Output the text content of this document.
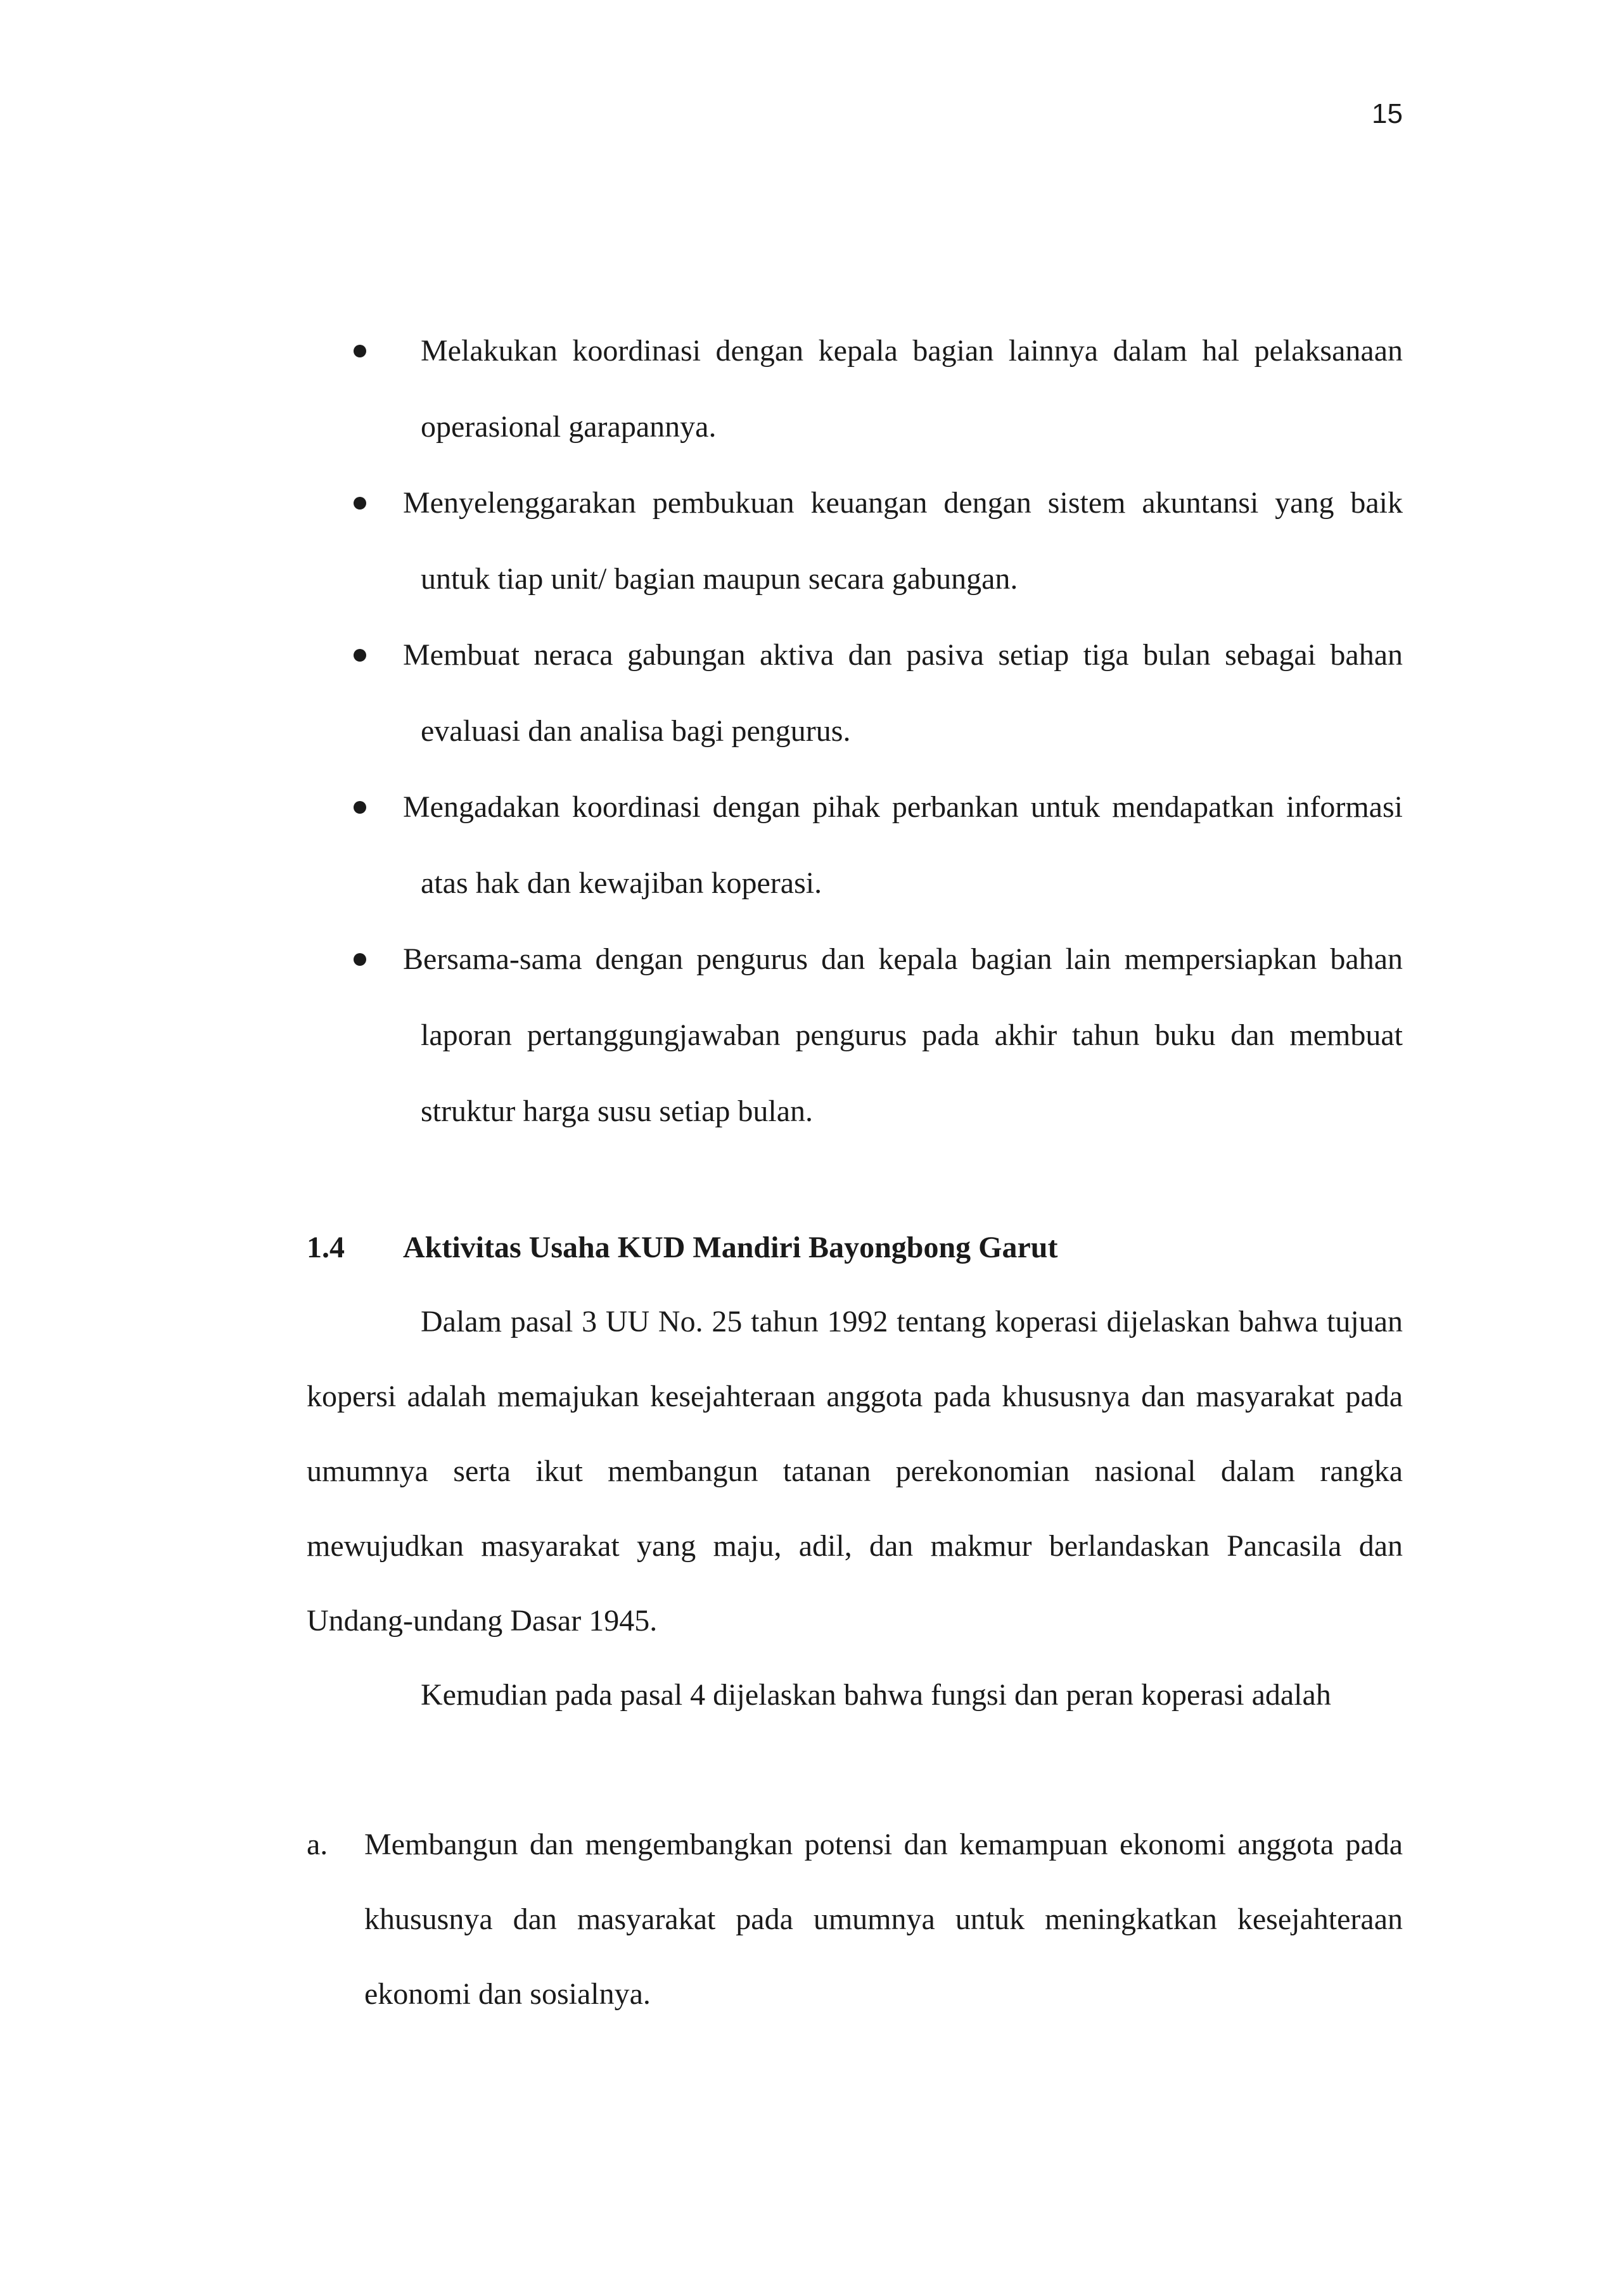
15
Melakukan koordinasi dengan kepala bagian lainnya dalam hal pelaksanaan operasional garapannya.
Menyelenggarakan pembukuan keuangan dengan sistem akuntansi yang baik untuk tiap unit/ bagian maupun secara gabungan.
Membuat neraca gabungan aktiva dan pasiva setiap tiga bulan sebagai bahan evaluasi dan analisa bagi pengurus.
Mengadakan koordinasi dengan pihak perbankan untuk mendapatkan informasi atas hak dan kewajiban koperasi.
Bersama-sama dengan pengurus dan kepala bagian lain mempersiapkan bahan laporan pertanggungjawaban pengurus pada akhir tahun buku dan membuat struktur harga susu setiap bulan.
1.4 Aktivitas Usaha KUD Mandiri Bayongbong Garut

Dalam pasal 3 UU No. 25 tahun 1992 tentang koperasi dijelaskan bahwa tujuan kopersi adalah memajukan kesejahteraan anggota pada khususnya dan masyarakat pada umumnya serta ikut membangun tatanan perekonomian nasional dalam rangka mewujudkan masyarakat yang maju, adil, dan makmur berlandaskan Pancasila dan Undang-undang Dasar 1945.

Kemudian pada pasal 4 dijelaskan bahwa fungsi dan peran koperasi adalah

a. Membangun dan mengembangkan potensi dan kemampuan ekonomi anggota pada khususnya dan masyarakat pada umumnya untuk meningkatkan kesejahteraan ekonomi dan sosialnya.
